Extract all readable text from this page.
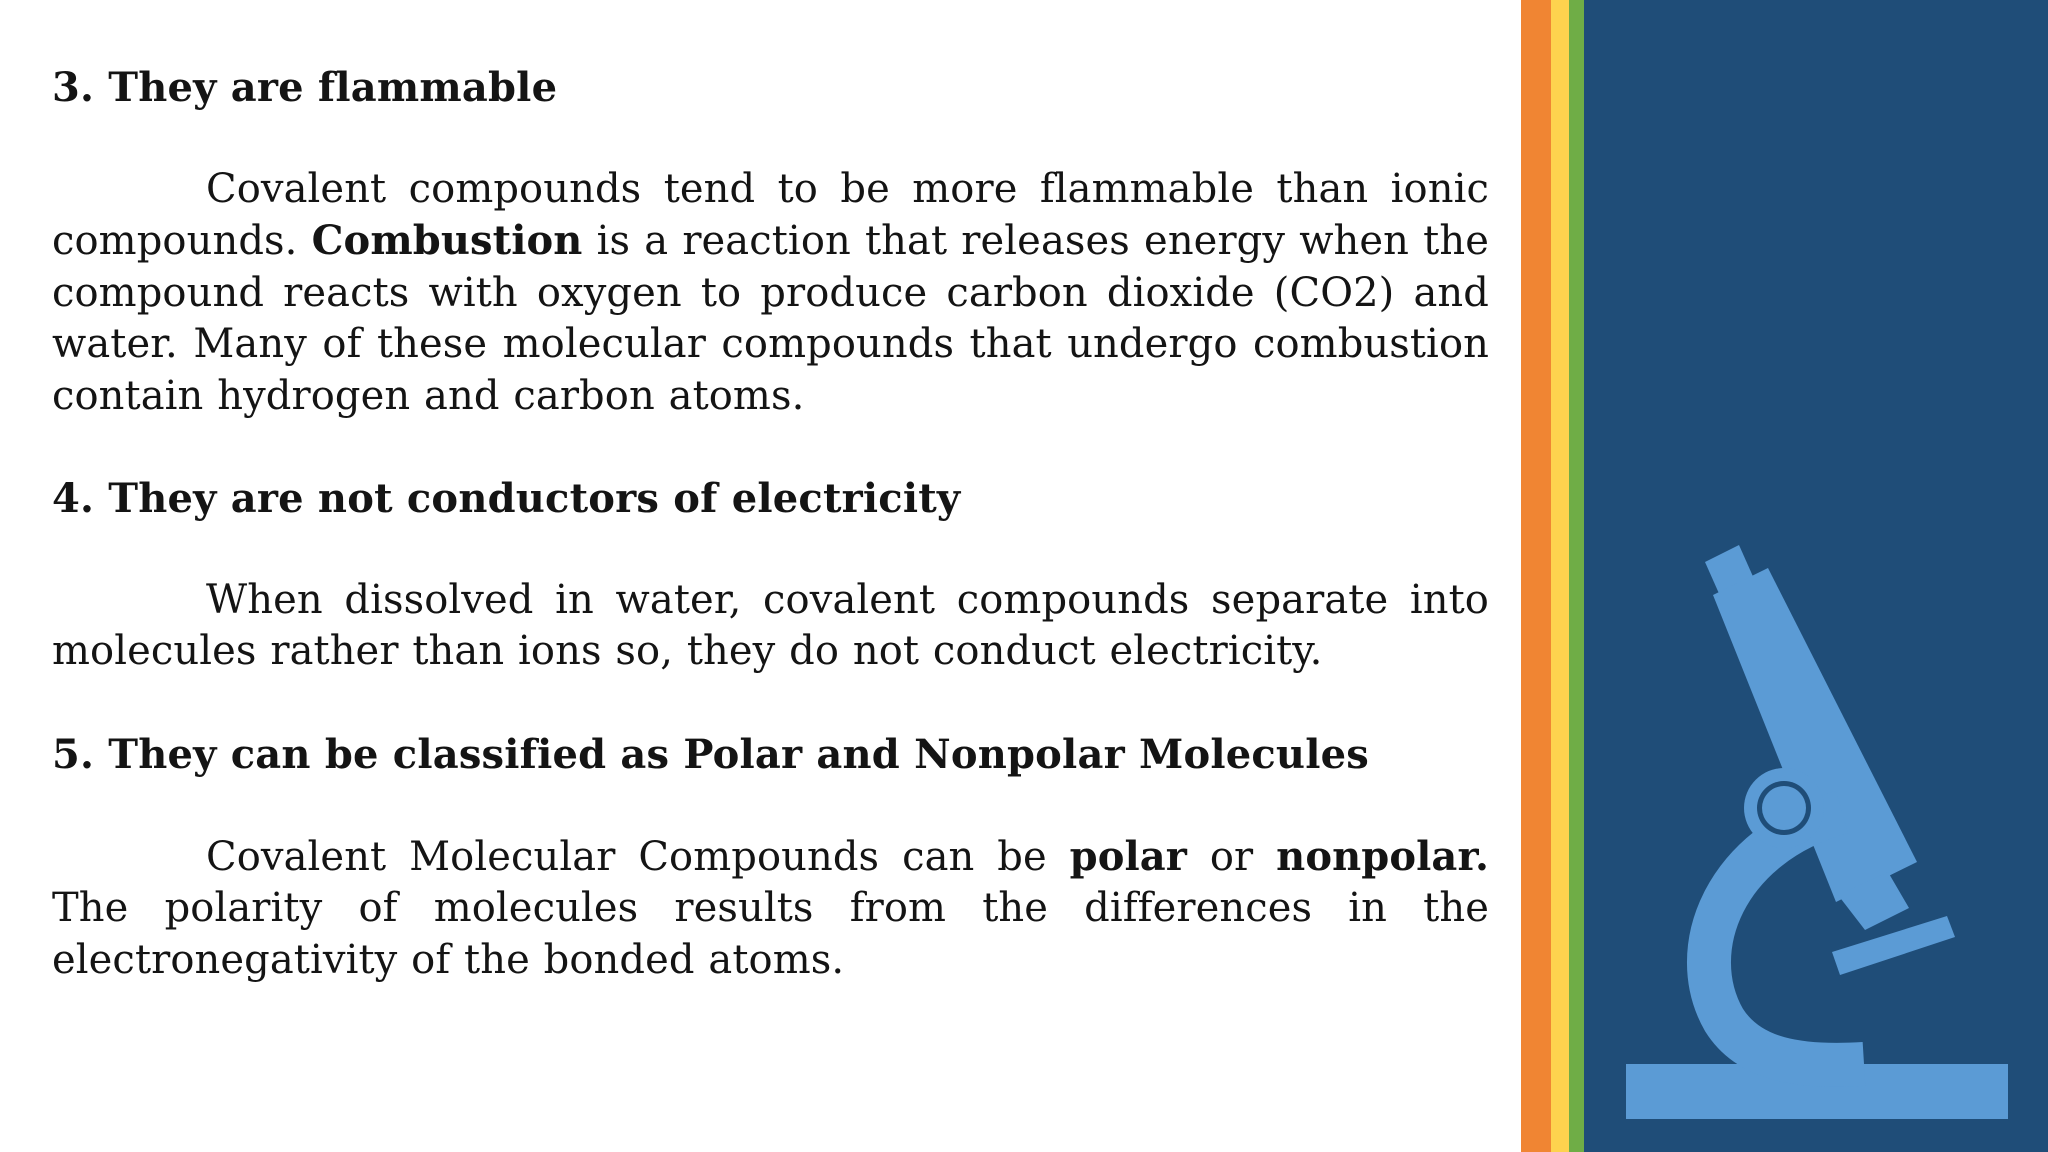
3. They are flammable

Covalent compounds tend to be more flammable than ionic compounds. Combustion is a reaction that releases energy when the compound reacts with oxygen to produce carbon dioxide (CO2) and water. Many of these molecular compounds that undergo combustion contain hydrogen and carbon atoms.

4. They are not conductors of electricity

When dissolved in water, covalent compounds separate into molecules rather than ions so, they do not conduct electricity.

5. They can be classified as Polar and Nonpolar Molecules

Covalent Molecular Compounds can be polar or nonpolar. The polarity of molecules results from the differences in the electronegativity of the bonded atoms.
